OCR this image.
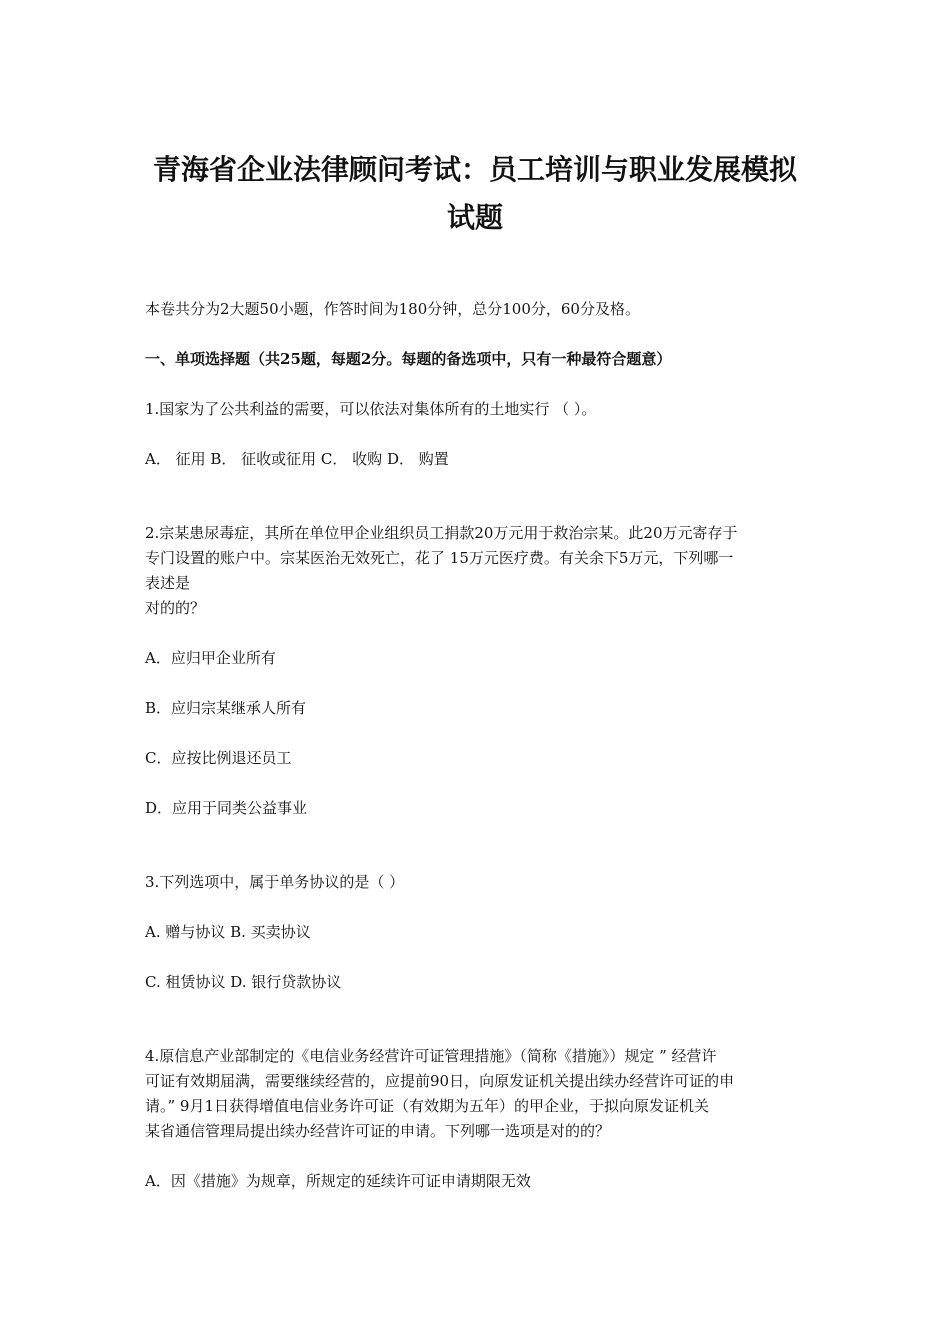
青海省企业法律顾问考试：员工培训与职业发展模拟
试题
本卷共分为2大题50小题，作答时间为180分钟，总分100分，60分及格。
一、单项选择题（共25题，每题2分。每题的备选项中，只有一种最符合题意）
1.国家为了公共利益的需要，可以依法对集体所有的土地实行 （ ）。
A． 征用 B． 征收或征用 C． 收购 D． 购置
2.宗某患尿毒症，其所在单位甲企业组织员工捐款20万元用于救治宗某。此20万元寄存于
专门设置的账户中。宗某医治无效死亡，花了 15万元医疗费。有关余下5万元，下列哪一
表述是
对的的？
A．应归甲企业所有
B．应归宗某继承人所有
C．应按比例退还员工
D．应用于同类公益事业
3.下列选项中，属于单务协议的是（ ）
A. 赠与协议 B. 买卖协议
C. 租赁协议 D. 银行贷款协议
4.原信息产业部制定的《电信业务经营许可证管理措施》（简称《措施》）规定 ” 经营许
可证有效期届满，需要继续经营的，应提前90日，向原发证机关提出续办经营许可证的申
请。” 9月1日获得增值电信业务许可证（有效期为五年）的甲企业，于拟向原发证机关
某省通信管理局提出续办经营许可证的申请。下列哪一选项是对的的？
A．因《措施》为规章，所规定的延续许可证申请期限无效
